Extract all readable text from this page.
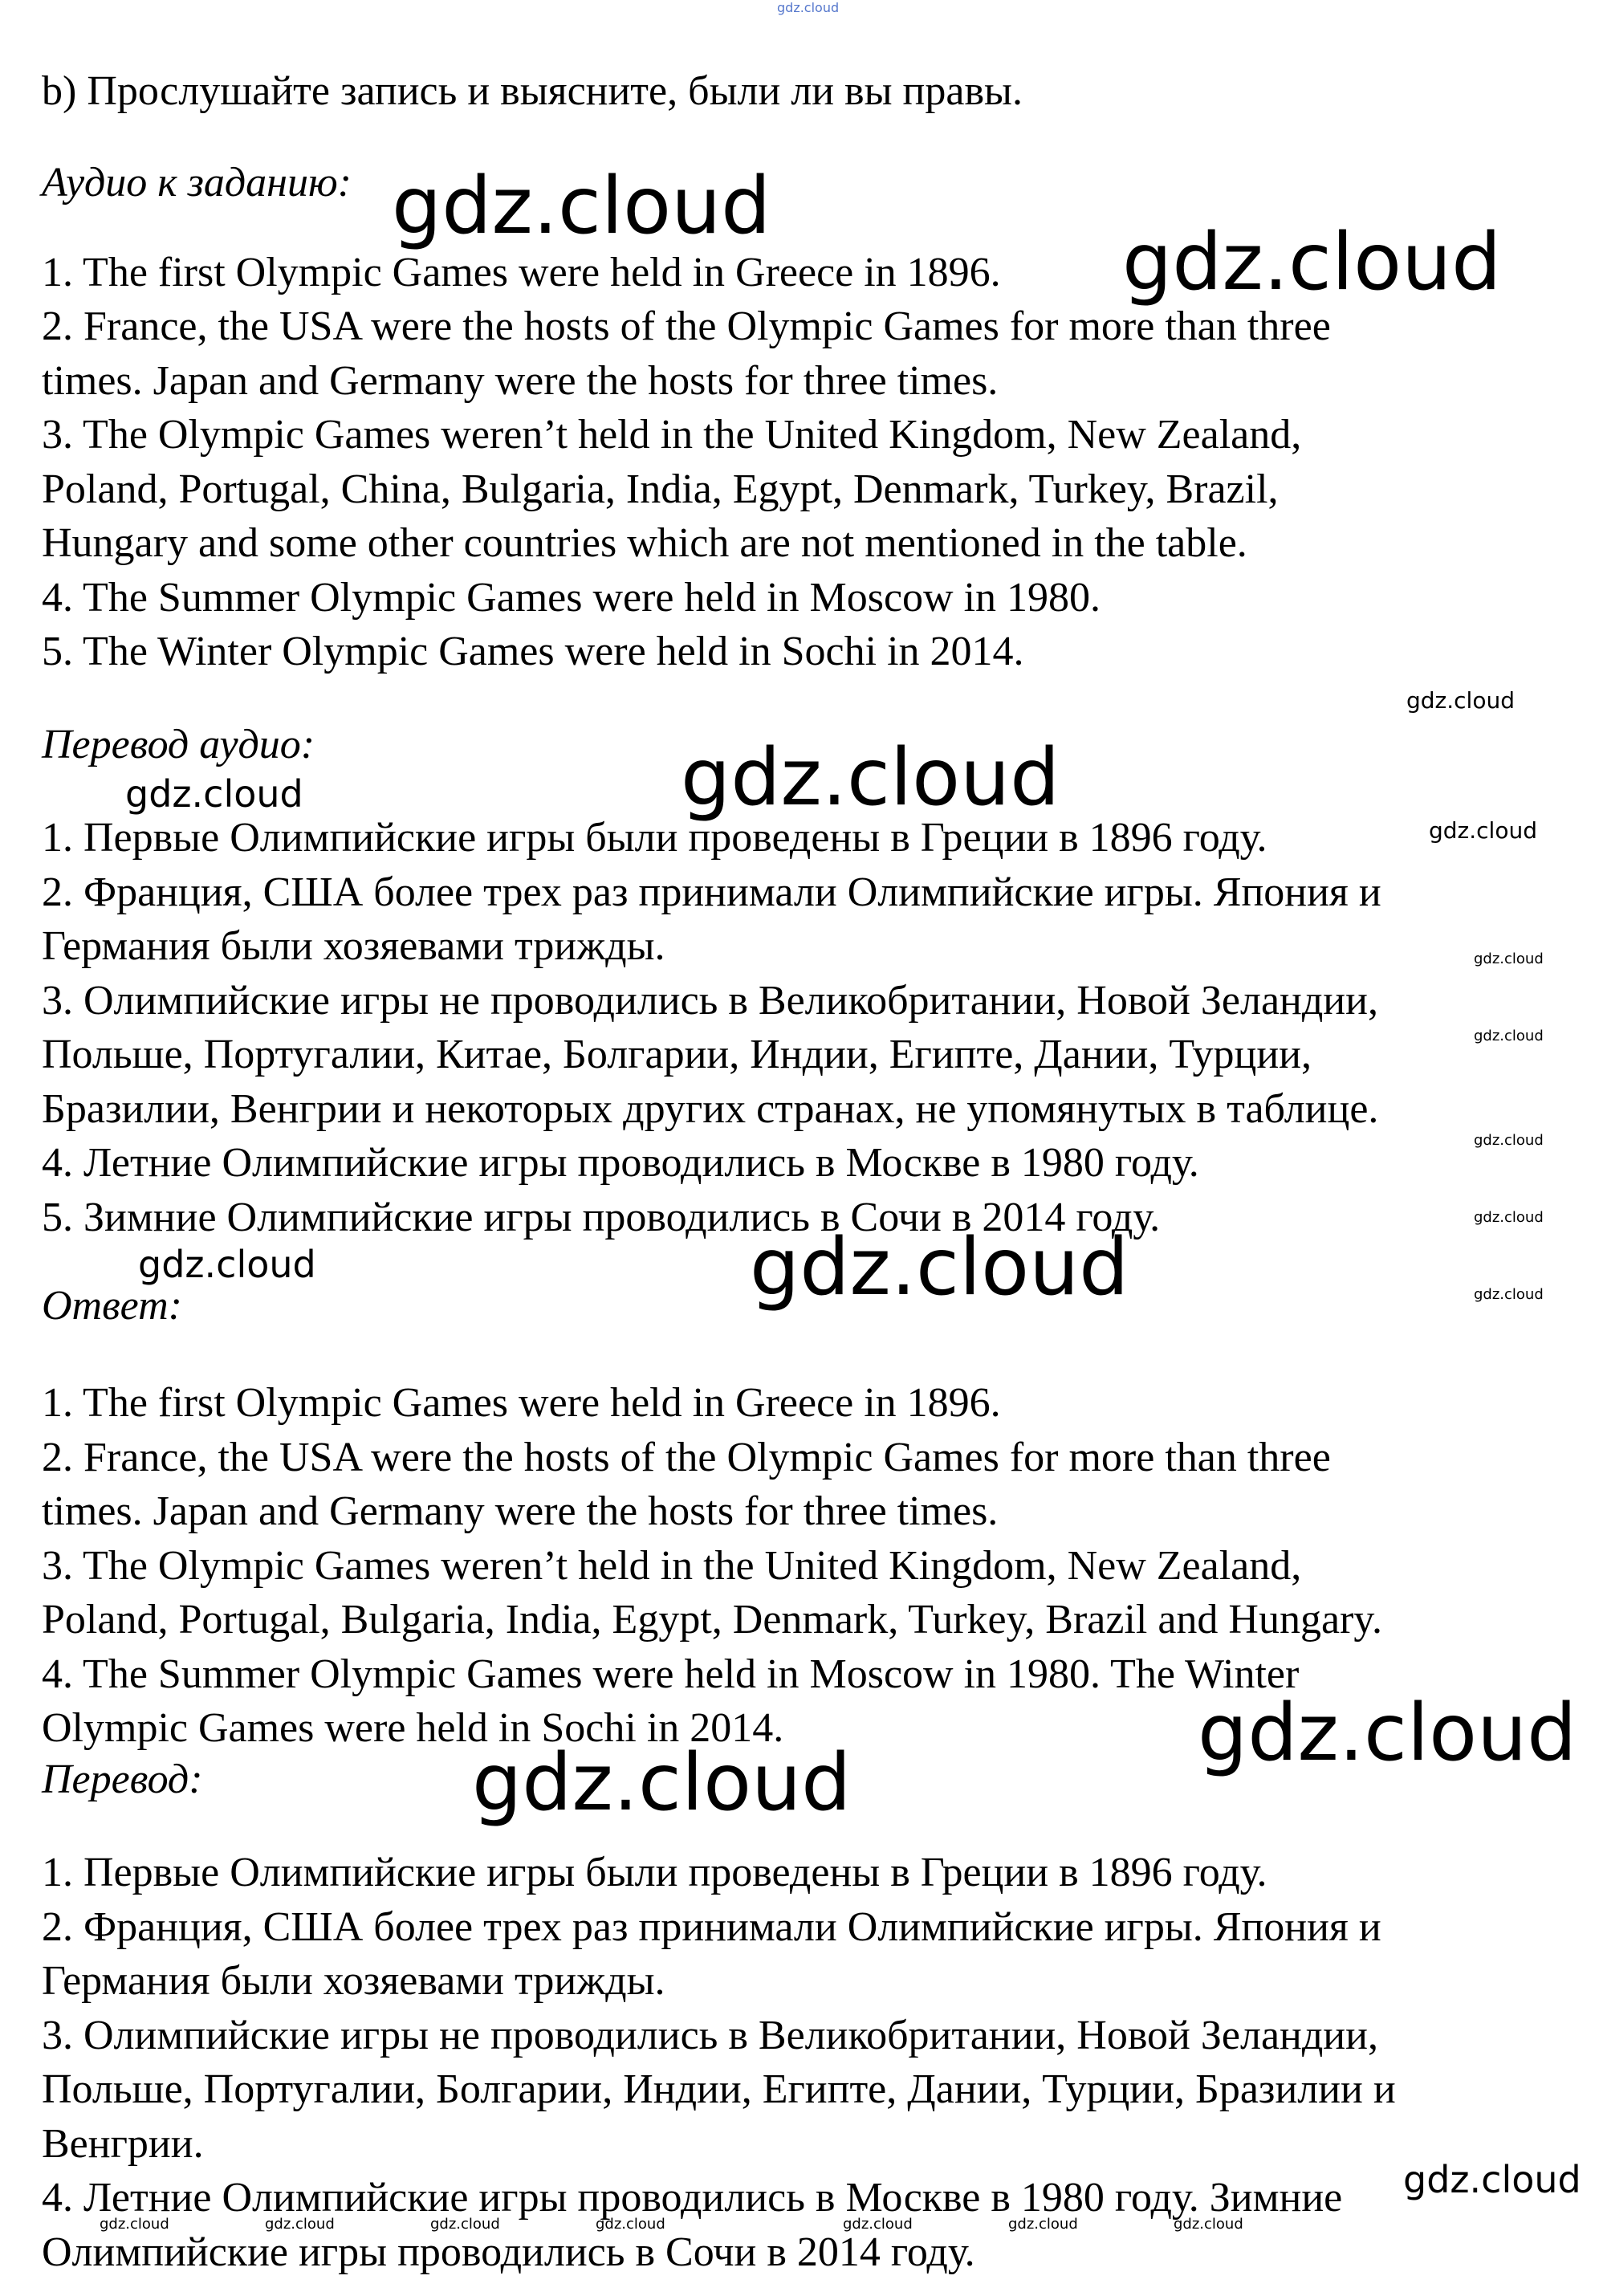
gdz.cloud
b) Прослушайте запись и выясните, были ли вы правы.
Аудио к заданию:
1. The first Olympic Games were held in Greece in 1896.
2. France, the USA were the hosts of the Olympic Games for more than three
times. Japan and Germany were the hosts for three times.
3. The Olympic Games weren’t held in the United Kingdom, New Zealand,
Poland, Portugal, China, Bulgaria, India, Egypt, Denmark, Turkey, Brazil,
Hungary and some other countries which are not mentioned in the table.
4. The Summer Olympic Games were held in Moscow in 1980.
5. The Winter Olympic Games were held in Sochi in 2014.
Перевод аудио:
1. Первые Олимпийские игры были проведены в Греции в 1896 году.
2. Франция, США более трех раз принимали Олимпийские игры. Япония и
Германия были хозяевами трижды.
3. Олимпийские игры не проводились в Великобритании, Новой Зеландии,
Польше, Португалии, Китае, Болгарии, Индии, Египте, Дании, Турции,
Бразилии, Венгрии и некоторых других странах, не упомянутых в таблице.
4. Летние Олимпийские игры проводились в Москве в 1980 году.
5. Зимние Олимпийские игры проводились в Сочи в 2014 году.
Ответ:
1. The first Olympic Games were held in Greece in 1896.
2. France, the USA were the hosts of the Olympic Games for more than three
times. Japan and Germany were the hosts for three times.
3. The Olympic Games weren’t held in the United Kingdom, New Zealand,
Poland, Portugal, Bulgaria, India, Egypt, Denmark, Turkey, Brazil and Hungary.
4. The Summer Olympic Games were held in Moscow in 1980. The Winter
Olympic Games were held in Sochi in 2014.
Перевод:
1. Первые Олимпийские игры были проведены в Греции в 1896 году.
2. Франция, США более трех раз принимали Олимпийские игры. Япония и
Германия были хозяевами трижды.
3. Олимпийские игры не проводились в Великобритании, Новой Зеландии,
Польше, Португалии, Болгарии, Индии, Египте, Дании, Турции, Бразилии и
Венгрии.
4. Летние Олимпийские игры проводились в Москве в 1980 году. Зимние
Олимпийские игры проводились в Сочи в 2014 году.
gdz.cloud
gdz.cloud
gdz.cloud
gdz.cloud
gdz.cloud
gdz.cloud
gdz.cloud
gdz.cloud
gdz.cloud
gdz.cloud
gdz.cloud
gdz.cloud	gdz.cloud
gdz.cloud
gdz.cloud
gdz.cloud
gdz.cloud	gdz.cloud	gdz.cloud	gdz.cloud	gdz.cloud	gdz.cloud	gdz.cloud
